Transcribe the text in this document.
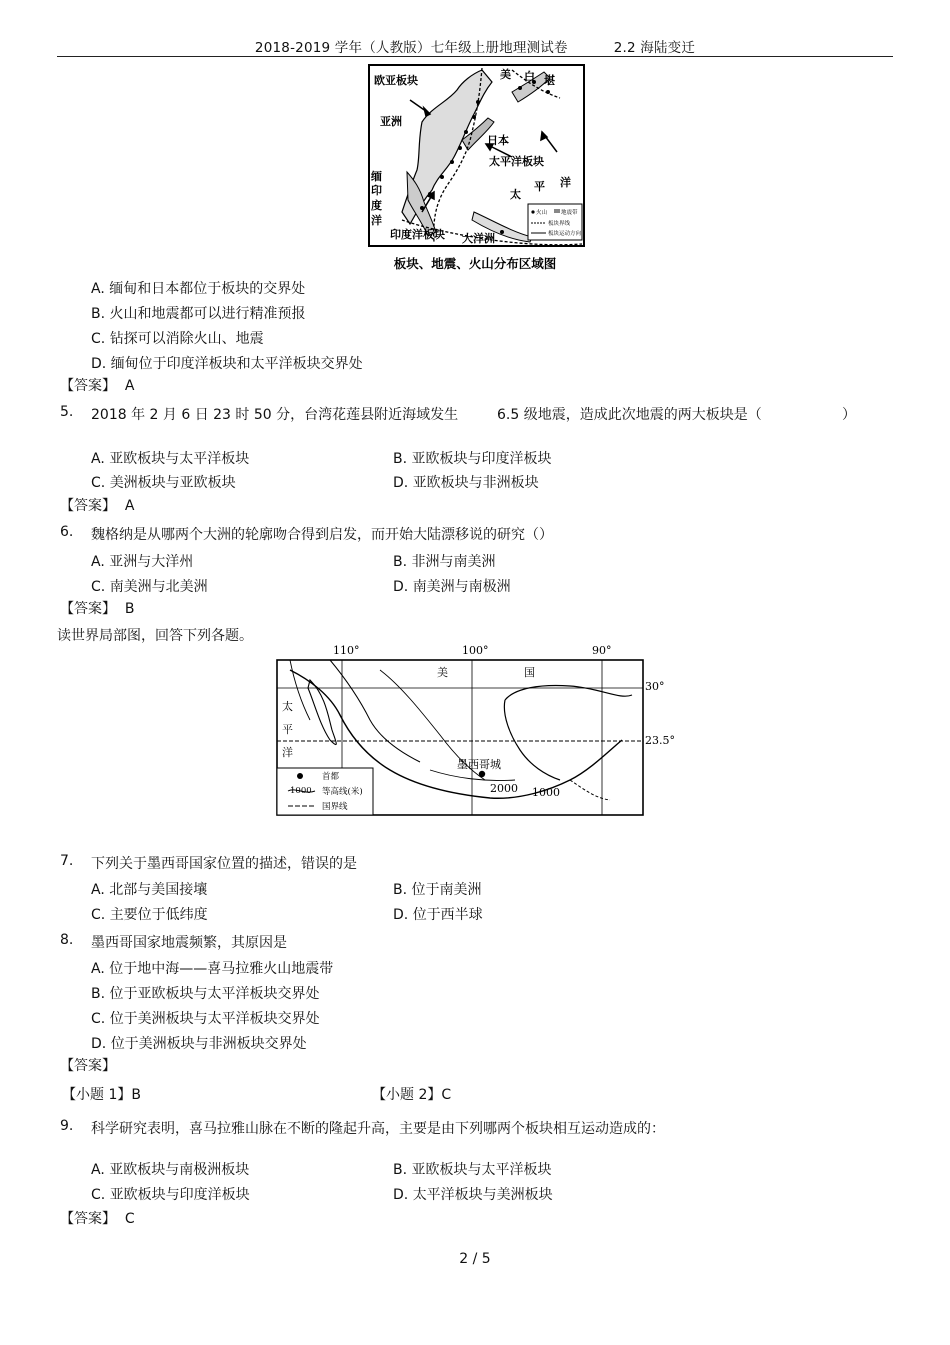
2018-2019 学年（人教版）七年级上册地理测试卷	2.2 海陆变迁
欧亚板块
亚洲
日本
太平洋板块
太
平 洋
印度洋板块 大洋洲
印
度
洋
缅
美 白 堪
火山	地震带
板块界线
板块运动方向
板块、地震、火山分布区域图
A. 缅甸和日本都位于板块的交界处
B. 火山和地震都可以进行精准预报
C. 钻探可以消除火山、地震
D. 缅甸位于印度洋板块和太平洋板块交界处
【答案】 A
5. 2018 年 2 月 6 日 23 时 50 分，台湾花莲县附近海域发生	6.5 级地震，造成此次地震的两大板块是（	）
A. 亚欧板块与太平洋板块	B. 亚欧板块与印度洋板块
C. 美洲板块与亚欧板块	D. 亚欧板块与非洲板块
【答案】 A
6. 魏格纳是从哪两个大洲的轮廓吻合得到启发，而开始大陆漂移说的研究（）
A. 亚洲与大洋州	B. 非洲与南美洲
C. 南美洲与北美洲	D. 南美洲与南极洲
【答案】 B
读世界局部图，回答下列各题。
110°	100°	90°
美	国
太
平
洋
墨西哥城
2000 1000
30°
23.5°
首都
1000 等高线(米)
国界线
7. 下列关于墨西哥国家位置的描述，错误的是
A. 北部与美国接壤	B. 位于南美洲
C. 主要位于低纬度	D. 位于西半球
8. 墨西哥国家地震频繁，其原因是
A. 位于地中海——喜马拉雅火山地震带
B. 位于亚欧板块与太平洋板块交界处
C. 位于美洲板块与太平洋板块交界处
D. 位于美洲板块与非洲板块交界处
【答案】
【小题 1】B	【小题 2】C
9. 科学研究表明，喜马拉雅山脉在不断的隆起升高，主要是由下列哪两个板块相互运动造成的：
A. 亚欧板块与南极洲板块	B. 亚欧板块与太平洋板块
C. 亚欧板块与印度洋板块	D. 太平洋板块与美洲板块
【答案】 C
2 / 5
